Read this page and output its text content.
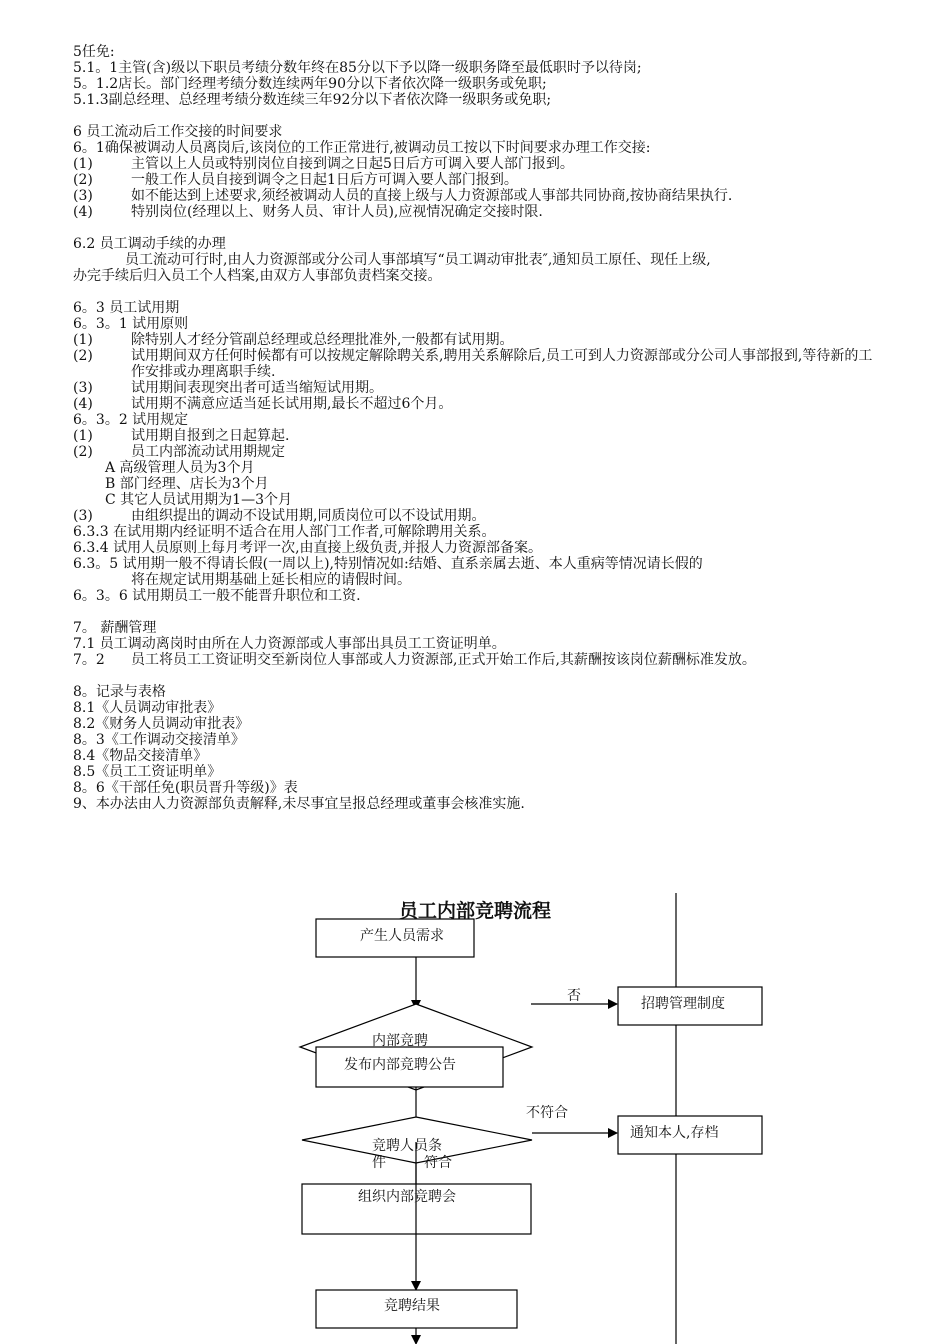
5任免:
5.1。1主管(含)级以下职员考绩分数年终在85分以下予以降一级职务降至最低职时予以待岗;
5。1.2店长。部门经理考绩分数连续两年90分以下者依次降一级职务或免职;
5.1.3副总经理、总经理考绩分数连续三年92分以下者依次降一级职务或免职;
6 员工流动后工作交接的时间要求
6。1确保被调动人员离岗后,该岗位的工作正常进行,被调动员工按以下时间要求办理工作交接:
(1)	主管以上人员或特别岗位自接到调之日起5日后方可调入要人部门报到。
(2)	一般工作人员自接到调令之日起1日后方可调入要人部门报到。
(3)	如不能达到上述要求,须经被调动人员的直接上级与人力资源部或人事部共同协商,按协商结果执行.
(4)	特别岗位(经理以上、财务人员、审计人员),应视情况确定交接时限.
6.2 员工调动手续的办理
员工流动可行时,由人力资源部或分公司人事部填写“员工调动审批表″,通知员工原任、现任上级,
办完手续后归入员工个人档案,由双方人事部负责档案交接。
6。3 员工试用期
6。3。1 试用原则
(1)	除特别人才经分管副总经理或总经理批准外,一般都有试用期。
(2)	试用期间双方任何时候都有可以按规定解除聘关系,聘用关系解除后,员工可到人力资源部或分公司人事部报到,等待新的工作安排或办理离职手续.
(3)	试用期间表现突出者可适当缩短试用期。
(4)	试用期不满意应适当延长试用期,最长不超过6个月。
6。3。2 试用规定
(1)	试用期自报到之日起算起.
(2)	员工内部流动试用期规定
A 高级管理人员为3个月
B 部门经理、店长为3个月
C 其它人员试用期为1—3个月
(3)	由组织提出的调动不设试用期,同质岗位可以不设试用期。
6.3.3 在试用期内经证明不适合在用人部门工作者,可解除聘用关系。
6.3.4 试用人员原则上每月考评一次,由直接上级负责,并报人力资源部备案。
6.3。5 试用期一般不得请长假(一周以上),特别情况如:结婚、直系亲属去逝、本人重病等情况请长假的
将在规定试用期基础上延长相应的请假时间。
6。3。6 试用期员工一般不能晋升职位和工资.
7。 薪酬管理
7.1 员工调动离岗时由所在人力资源部或人事部出具员工工资证明单。
7。2	员工将员工工资证明交至新岗位人事部或人力资源部,正式开始工作后,其薪酬按该岗位薪酬标准发放。
8。记录与表格
8.1《人员调动审批表》
8.2《财务人员调动审批表》
8。3《工作调动交接清单》
8.4《物品交接清单》
8.5《员工工资证明单》
8。6《干部任免(职员晋升等级)》表
9、本办法由人力资源部负责解释,未尽事宜呈报总经理或董事会核准实施.
员工内部竞聘流程
产生人员需求
否	招聘管理制度
内部竞聘
发布内部竞聘公告
不符合
通知本人,存档
竞聘人员条
件	符合
组织内部竞聘会
竞聘结果
